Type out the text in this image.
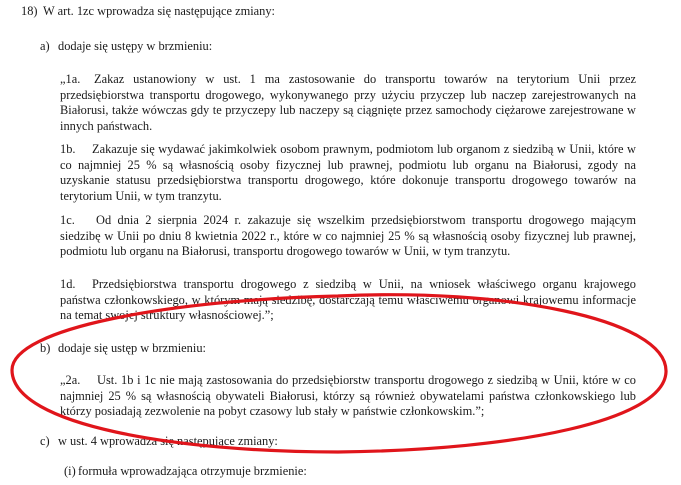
18) W art. 1zc wprowadza się następujące zmiany:
a) dodaje się ustępy w brzmieniu:
„1a. Zakaz ustanowiony w ust. 1 ma zastosowanie do transportu towarów na terytorium Unii przez przedsiębiorstwa transportu drogowego, wykonywanego przy użyciu przyczep lub naczep zarejestrowanych na Białorusi, także wówczas gdy te przyczepy lub naczepy są ciągnięte przez samochody ciężarowe zarejestrowane w innych państwach.
1b. Zakazuje się wydawać jakimkolwiek osobom prawnym, podmiotom lub organom z siedzibą w Unii, które w co najmniej 25 % są własnością osoby fizycznej lub prawnej, podmiotu lub organu na Białorusi, zgody na uzyskanie statusu przedsiębiorstwa transportu drogowego, które dokonuje transportu drogowego towarów na terytorium Unii, w tym tranzytu.
1c. Od dnia 2 sierpnia 2024 r. zakazuje się wszelkim przedsiębiorstwom transportu drogowego mającym siedzibę w Unii po dniu 8 kwietnia 2022 r., które w co najmniej 25 % są własnością osoby fizycznej lub prawnej, podmiotu lub organu na Białorusi, transportu drogowego towarów w Unii, w tym tranzytu.
1d. Przedsiębiorstwa transportu drogowego z siedzibą w Unii, na wniosek właściwego organu krajowego państwa członkowskiego, w którym mają siedzibę, dostarczają temu właściwemu organowi krajowemu informacje na temat swojej struktury własnościowej.”;
b) dodaje się ustęp w brzmieniu:
„2a. Ust. 1b i 1c nie mają zastosowania do przedsiębiorstw transportu drogowego z siedzibą w Unii, które w co najmniej 25 % są własnością obywateli Białorusi, którzy są również obywatelami państwa członkowskiego lub którzy posiadają zezwolenie na pobyt czasowy lub stały w państwie członkowskim.”;
c) w ust. 4 wprowadza się następujące zmiany:
(i) formuła wprowadzająca otrzymuje brzmienie:
